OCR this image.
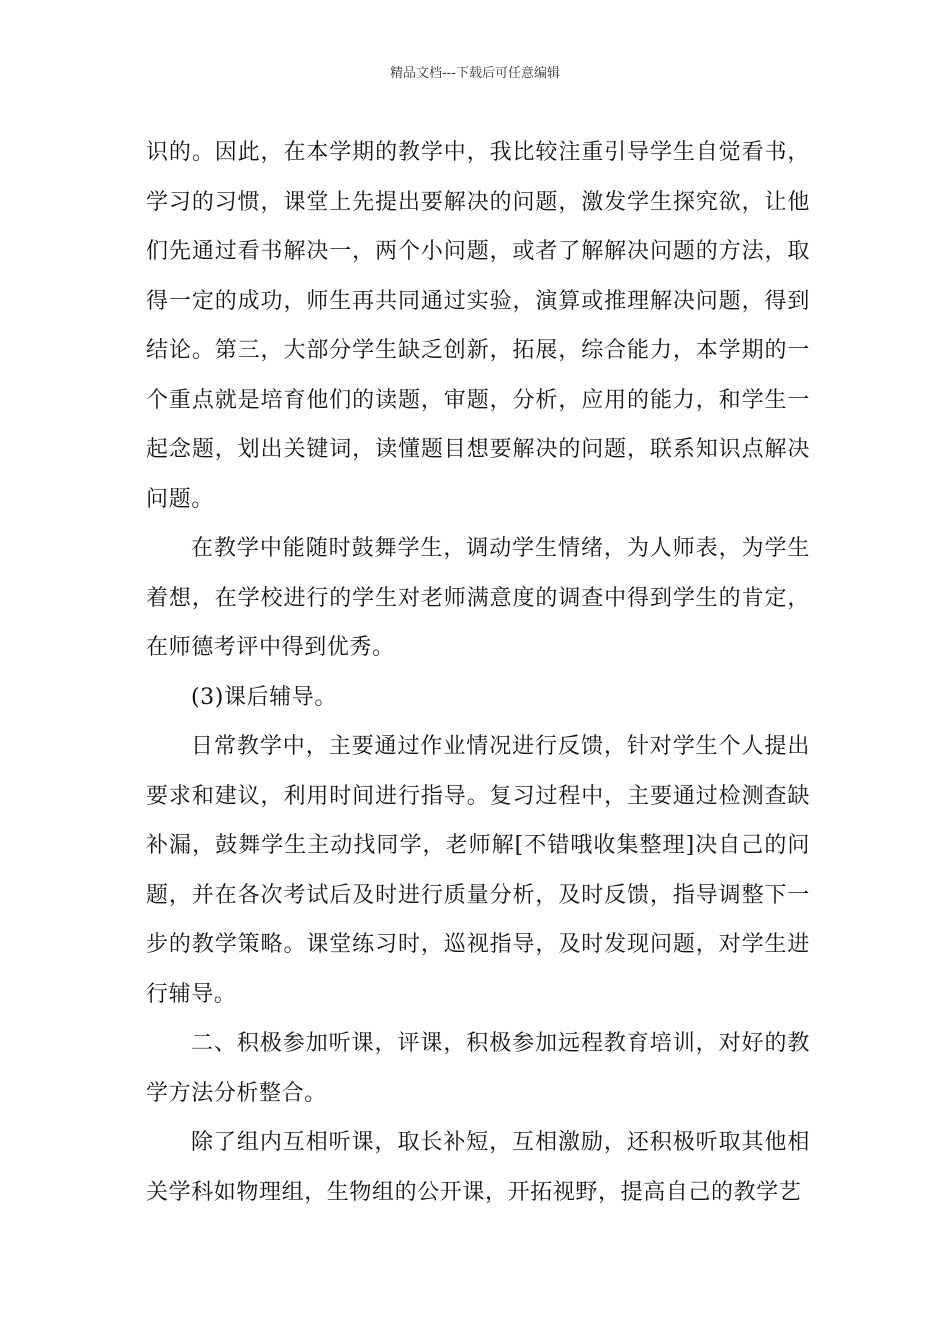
精品文档---下载后可任意编辑

识的。因此，在本学期的教学中，我比较注重引导学生自觉看书，学习的习惯，课堂上先提出要解决的问题，激发学生探究欲，让他们先通过看书解决一，两个小问题，或者了解解决问题的方法，取得一定的成功，师生再共同通过实验，演算或推理解决问题，得到结论。第三，大部分学生缺乏创新，拓展，综合能力，本学期的一个重点就是培育他们的读题，审题，分析，应用的能力，和学生一起念题，划出关键词，读懂题目想要解决的问题，联系知识点解决问题。

在教学中能随时鼓舞学生，调动学生情绪，为人师表，为学生着想，在学校进行的学生对老师满意度的调查中得到学生的肯定，在师德考评中得到优秀。

(3)课后辅导。

日常教学中，主要通过作业情况进行反馈，针对学生个人提出要求和建议，利用时间进行指导。复习过程中，主要通过检测查缺补漏，鼓舞学生主动找同学，老师解[不错哦收集整理]决自己的问题，并在各次考试后及时进行质量分析，及时反馈，指导调整下一步的教学策略。课堂练习时，巡视指导，及时发现问题，对学生进行辅导。

二、积极参加听课，评课，积极参加远程教育培训，对好的教学方法分析整合。

除了组内互相听课，取长补短，互相激励，还积极听取其他相关学科如物理组，生物组的公开课，开拓视野，提高自己的教学艺
